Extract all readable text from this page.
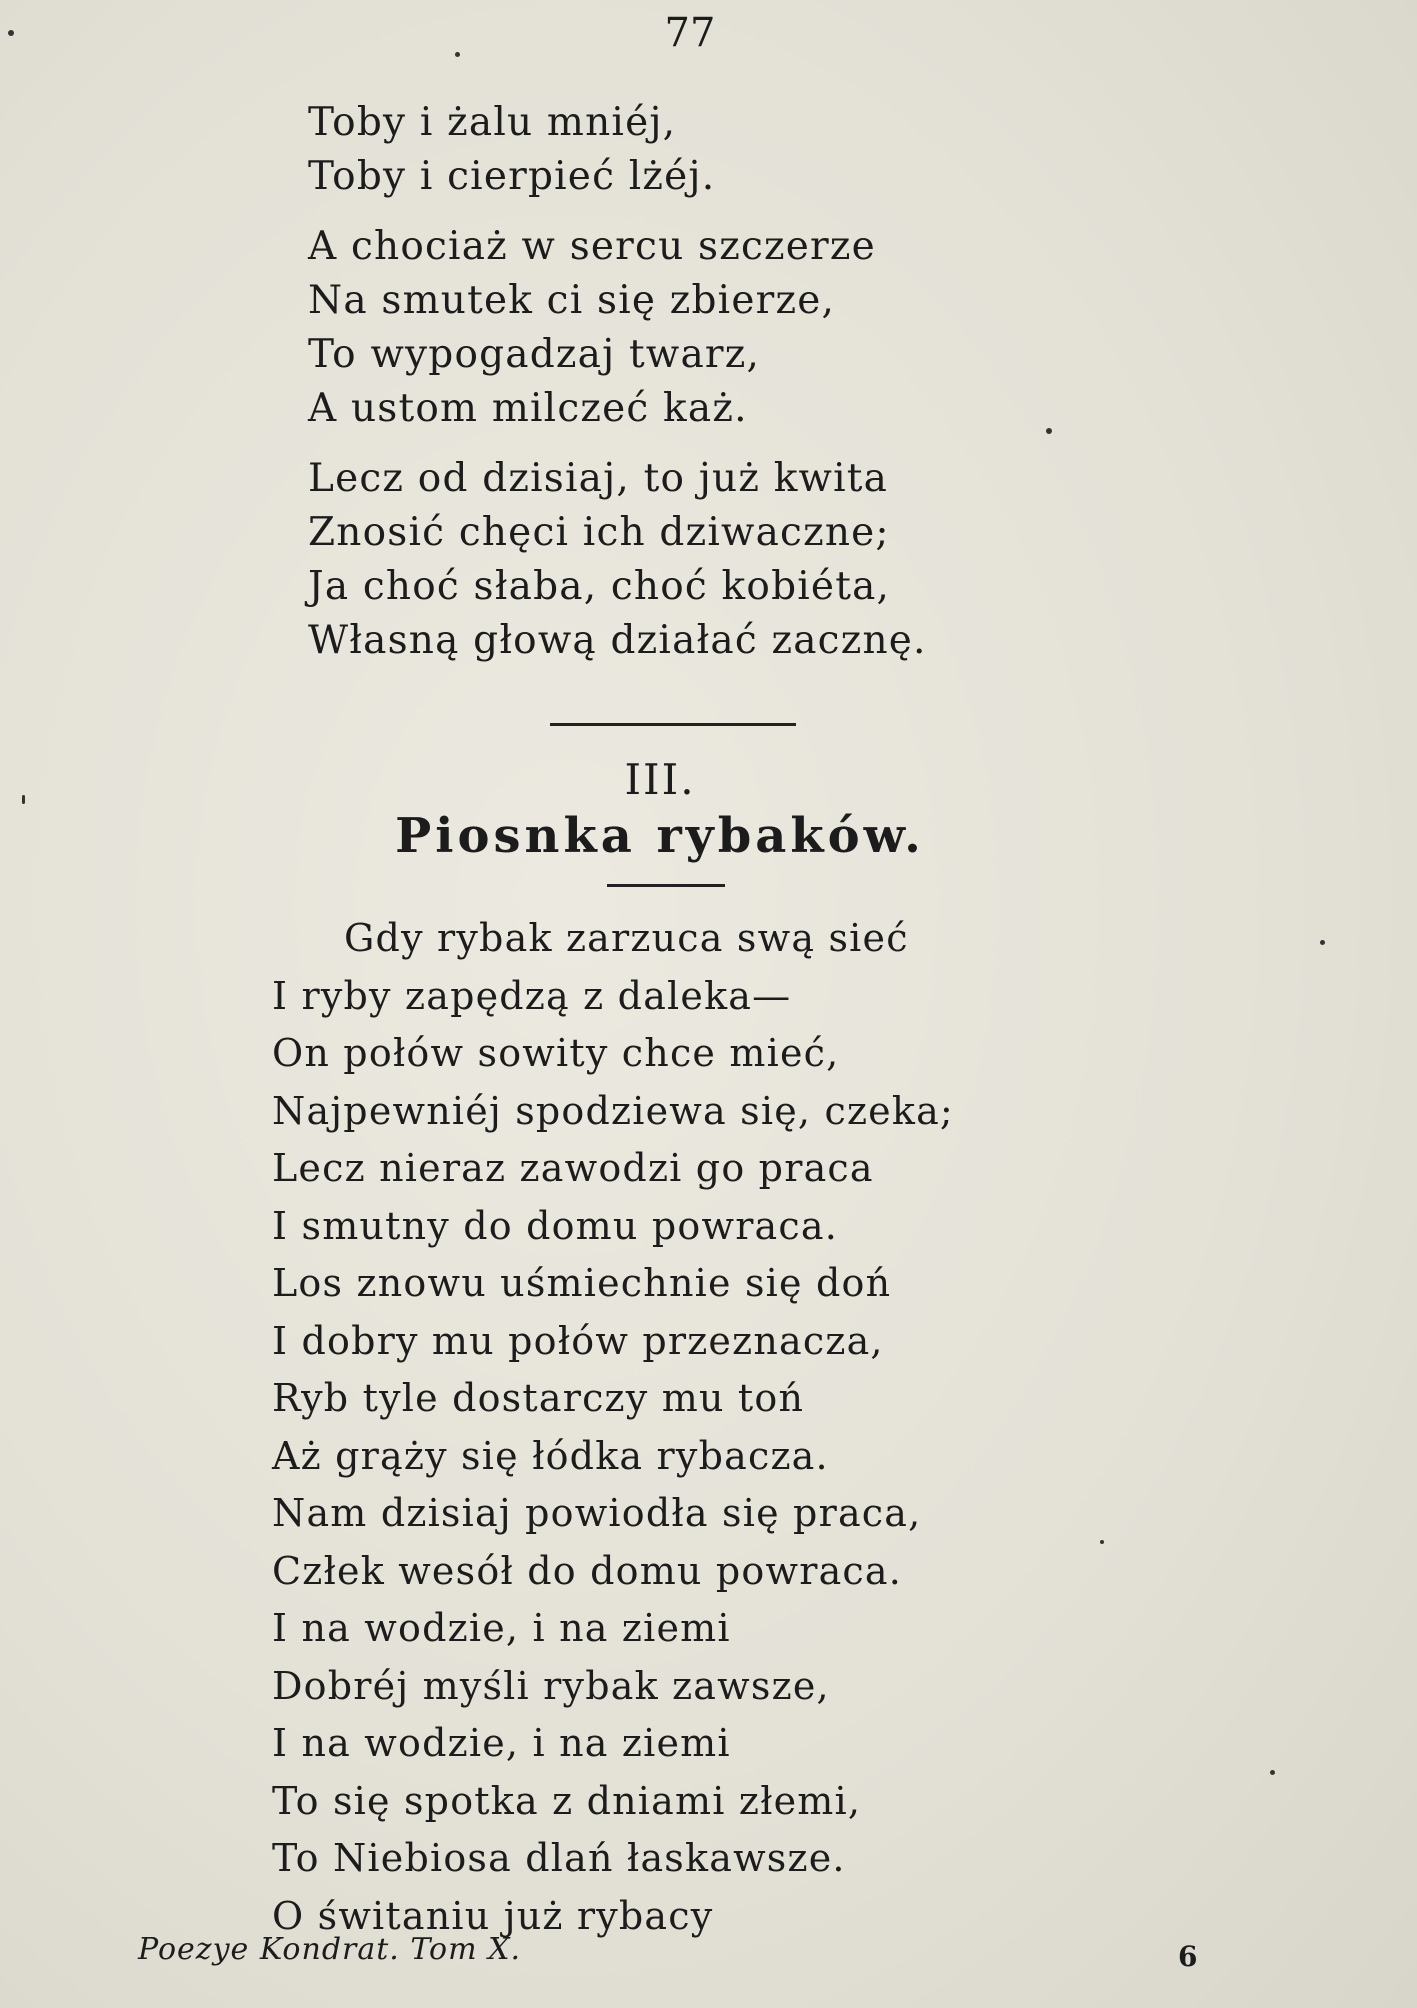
77
Toby i żalu mniéj,
Toby i cierpieć lżéj.
A chociaż w sercu szczerze
Na smutek ci się zbierze,
To wypogadzaj twarz,
A ustom milczeć każ.
Lecz od dzisiaj, to już kwita
Znosić chęci ich dziwaczne;
Ja choć słaba, choć kobiéta,
Własną głową działać zacznę.
III.
Piosnka rybaków.
Gdy rybak zarzuca swą sieć
I ryby zapędzą z daleka—
On połów sowity chce mieć,
Najpewniéj spodziewa się, czeka;
Lecz nieraz zawodzi go praca
I smutny do domu powraca.
Los znowu uśmiechnie się doń
I dobry mu połów przeznacza,
Ryb tyle dostarczy mu toń
Aż grąży się łódka rybacza.
Nam dzisiaj powiodła się praca,
Człek wesół do domu powraca.
I na wodzie, i na ziemi
Dobréj myśli rybak zawsze,
I na wodzie, i na ziemi
To się spotka z dniami złemi,
To Niebiosa dlań łaskawsze.
O świtaniu już rybacy
Poezye Kondrat. Tom X.	6
